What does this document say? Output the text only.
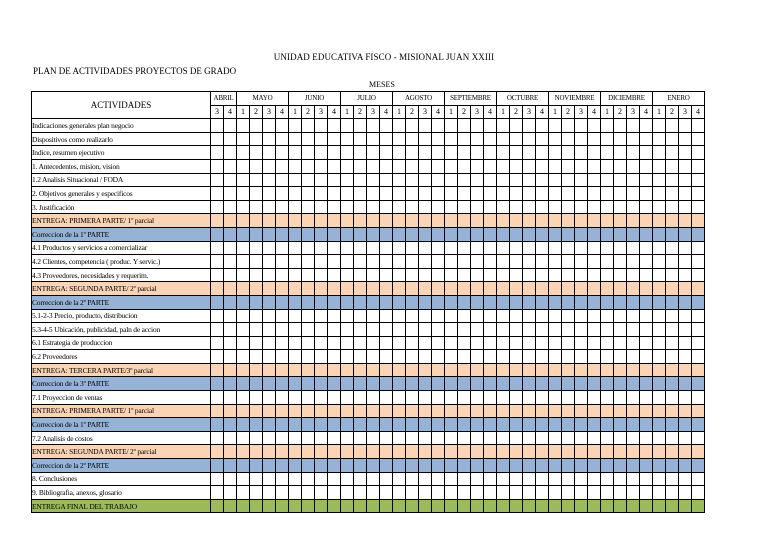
UNIDAD EDUCATIVA FISCO - MISIONAL JUAN XXIII
PLAN DE ACTIVIDADES PROYECTOS DE GRADO
MESES
ACTIVIDADES	ABRIL		MAYO				JUNIO				JULIO				AGOSTO				SEPTIEMBRE				OCTUBRE				NOVIEMBRE				DICIEMBRE				ENERO			
	3	4	1	2	3	4	1	2	3	4	1	2	3	4	1	2	3	4	1	2	3	4	1	2	3	4	1	2	3	4	1	2	3	4	1	2	3	4
Indicaciones generales plan negocio																																						
Dispositivos como realizarlo																																						
Indice, resumen ejecutivo																																						
1. Antecedentes, mision, vision																																						
1.2 Analisis Situacional / FODA																																						
2. Objetivos generales y especificos																																						
3. Justificación																																						
ENTREGA: PRIMERA PARTE/ 1º parcial																																						
Correccion de la 1º PARTE																																						
4.1 Productos y servicios a comercializar																																						
4.2 Clientes, competencia ( produc. Y servic.)																																						
4.3 Proveedores, necesidades y requerim.																																						
ENTREGA: SEGUNDA PARTE/ 2º parcial																																						
Correccion de la 2º PARTE																																						
5.1-2-3 Precio, producto, distribucion																																						
5.3-4-5 Ubicación, publicidad, paln de accion																																						
6.1 Estrategia de produccion																																						
6.2 Proveedores																																						
ENTREGA: TERCERA PARTE/3º parcial																																						
Correccion de la 3º PARTE																																						
7.1 Proyeccion de ventas																																						
ENTREGA: PRIMERA PARTE/ 1º parcial																																						
Correccion de la 1º PARTE																																						
7.2 Analisis de costos																																						
ENTREGA: SEGUNDA PARTE/ 2º parcial																																						
Correccion de la 2º PARTE																																						
8. Conclusiones																																						
9. Bibliografia, anexos, glosario																																						
ENTREGA FINAL DEL TRABAJO																																						
